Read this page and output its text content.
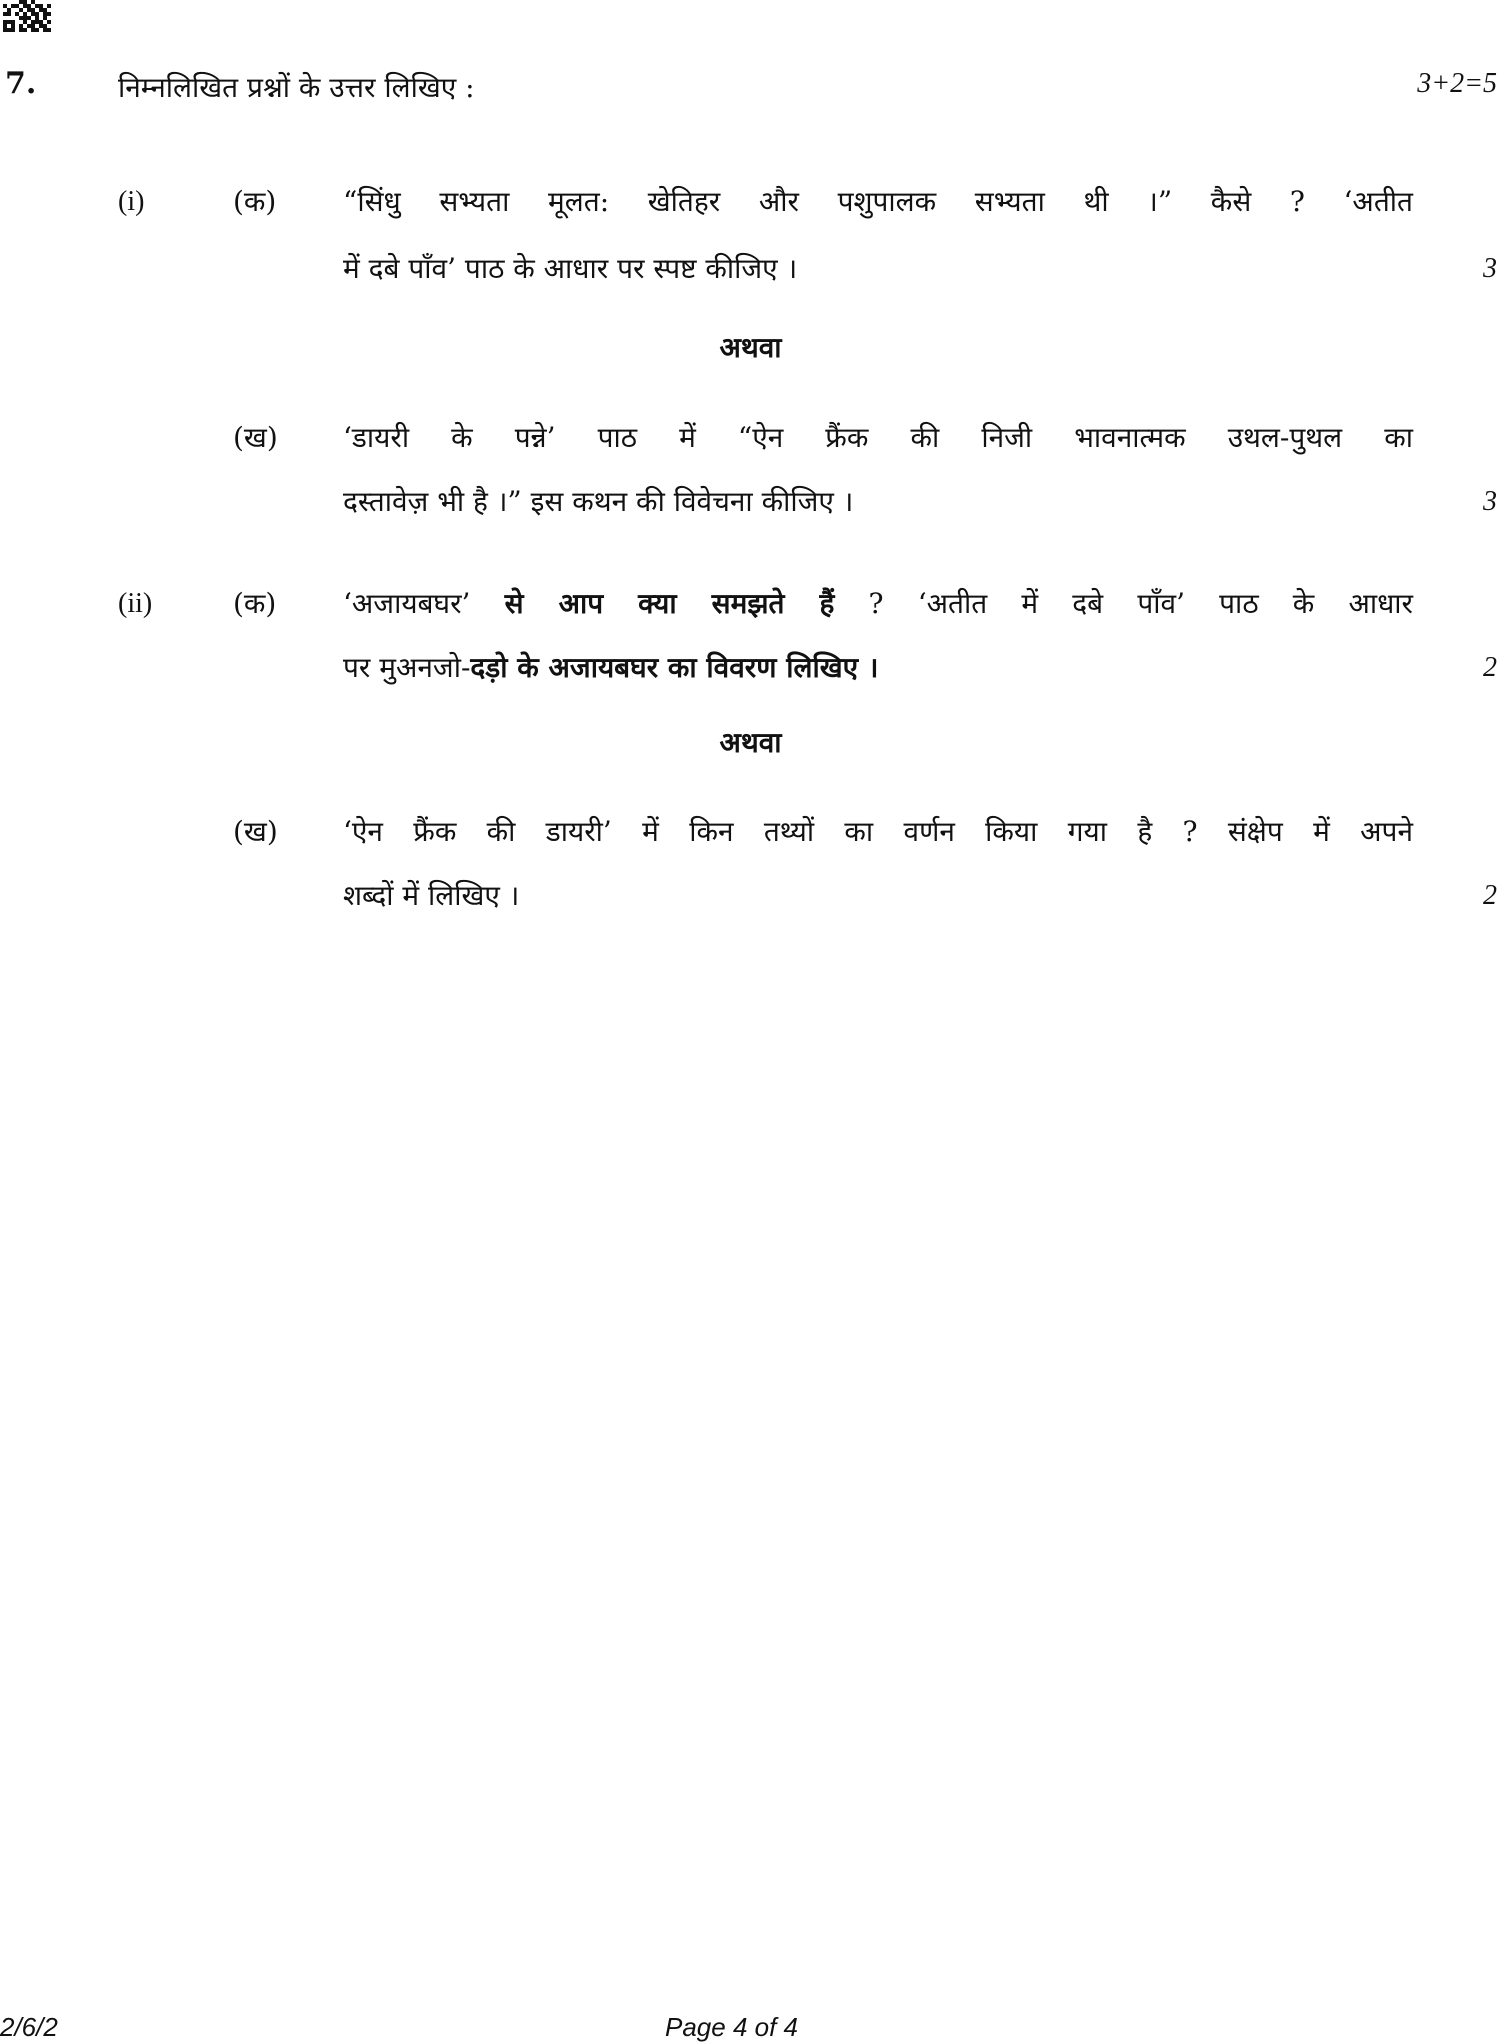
7.	निम्नलिखित प्रश्नों के उत्तर लिखिए :	3+2=5
(i)	(क) “सिंधु सभ्यता मूलत: खेतिहर और पशुपालक सभ्यता थी ।” कैसे ? ‘अतीत
में दबे पाँव’ पाठ के आधार पर स्पष्ट कीजिए ।	3
अथवा
(ख) ‘डायरी के पन्ने’ पाठ में “ऐन फ्रैंक की निजी भावनात्मक उथल-पुथल का
दस्तावेज़ भी है ।” इस कथन की विवेचना कीजिए ।	3
(ii)	(क) ‘अजायबघर’ से आप क्या समझते हैं ? ‘अतीत में दबे पाँव’ पाठ के आधार
पर मुअनजो-दड़ो के अजायबघर का विवरण लिखिए ।	2
अथवा
(ख) ‘ऐन फ्रैंक की डायरी’ में किन तथ्यों का वर्णन किया गया है ? संक्षेप में अपने
शब्दों में लिखिए ।	2
2/6/2	Page 4 of 4
